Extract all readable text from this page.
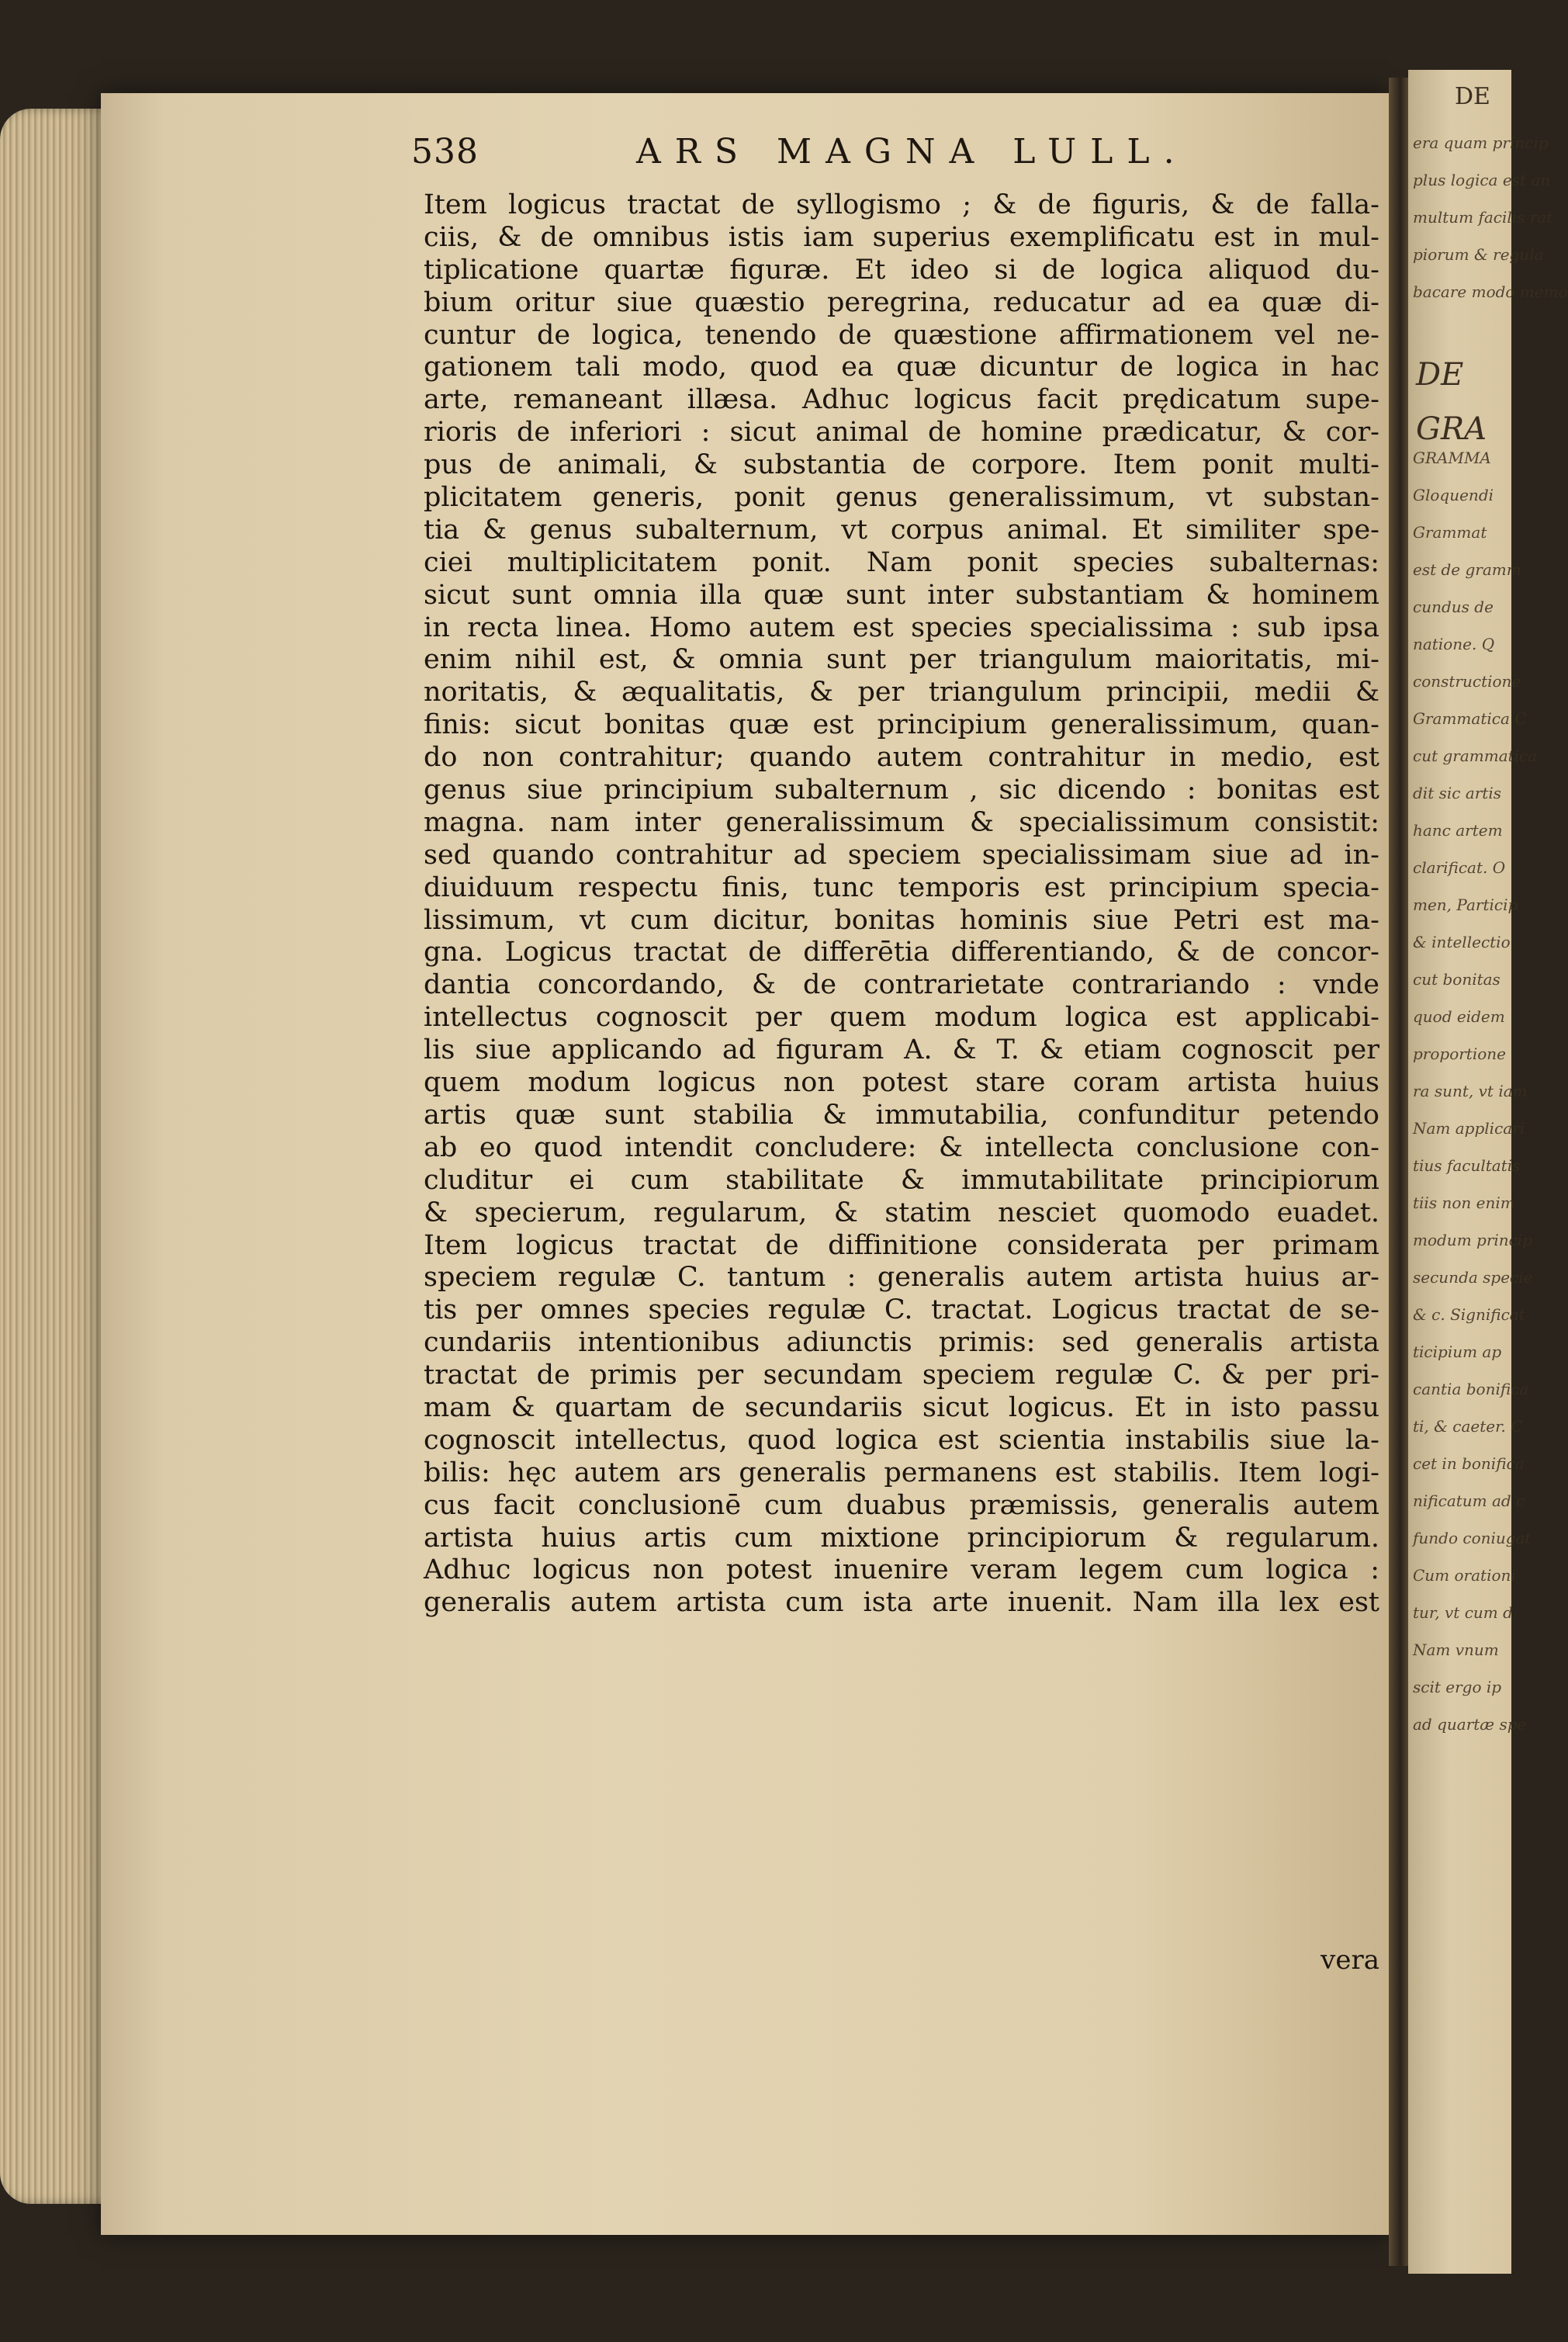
DE
era quam princip
plus logica est an
multum facilis rat
piorum & regula
bacare modo memo
DE GRA
GRAMMA
Gloquendi
Grammat
est de gramm
cundus de
natione. Q
constructione
Grammatica C
cut grammatica
dit sic artis
hanc artem
clarificat. O
men, Particip
& intellectio
cut bonitas
quod eidem
proportione
ra sunt, vt iam
Nam applicari
tius facultatis
tiis non enim
modum princip
secunda specie
& c. Significat
ticipium ap
cantia bonifica
ti, & caeter. C
cet in bonifica
nificatum ad c
fundo coniugat
Cum orationi
tur, vt cum d
Nam vnum
scit ergo ip
ad quartæ spe
538	ARS MAGNA LULL.
Item logicus tractat de syllogismo ; & de figuris, & de falla-
ciis, & de omnibus istis iam superius exemplificatu est in mul-
tiplicatione quartæ figuræ. Et ideo si de logica aliquod du-
bium oritur siue quæstio peregrina, reducatur ad ea quæ di-
cuntur de logica, tenendo de quæstione affirmationem vel ne-
gationem tali modo, quod ea quæ dicuntur de logica in hac
arte, remaneant illæsa. Adhuc logicus facit prędicatum supe-
rioris de inferiori : sicut animal de homine prædicatur, & cor-
pus de animali, & substantia de corpore. Item ponit multi-
plicitatem generis, ponit genus generalissimum, vt substan-
tia & genus subalternum, vt corpus animal. Et similiter spe-
ciei multiplicitatem ponit. Nam ponit species subalternas:
sicut sunt omnia illa quæ sunt inter substantiam & hominem
in recta linea. Homo autem est species specialissima : sub ipsa
enim nihil est, & omnia sunt per triangulum maioritatis, mi-
noritatis, & æqualitatis, & per triangulum principii, medii &
finis: sicut bonitas quæ est principium generalissimum, quan-
do non contrahitur; quando autem contrahitur in medio, est
genus siue principium subalternum , sic dicendo : bonitas est
magna. nam inter generalissimum & specialissimum consistit:
sed quando contrahitur ad speciem specialissimam siue ad in-
diuiduum respectu finis, tunc temporis est principium specia-
lissimum, vt cum dicitur, bonitas hominis siue Petri est ma-
gna. Logicus tractat de differētia differentiando, & de concor-
dantia concordando, & de contrarietate contrariando : vnde
intellectus cognoscit per quem modum logica est applicabi-
lis siue applicando ad figuram A. & T. & etiam cognoscit per
quem modum logicus non potest stare coram artista huius
artis quæ sunt stabilia & immutabilia, confunditur petendo
ab eo quod intendit concludere: & intellecta conclusione con-
cluditur ei cum stabilitate & immutabilitate principiorum
& specierum, regularum, & statim nesciet quomodo euadet.
Item logicus tractat de diffinitione considerata per primam
speciem regulæ C. tantum : generalis autem artista huius ar-
tis per omnes species regulæ C. tractat. Logicus tractat de se-
cundariis intentionibus adiunctis primis: sed generalis artista
tractat de primis per secundam speciem regulæ C. & per pri-
mam & quartam de secundariis sicut logicus. Et in isto passu
cognoscit intellectus, quod logica est scientia instabilis siue la-
bilis: hęc autem ars generalis permanens est stabilis. Item logi-
cus facit conclusionē cum duabus præmissis, generalis autem
artista huius artis cum mixtione principiorum & regularum.
Adhuc logicus non potest inuenire veram legem cum logica :
generalis autem artista cum ista arte inuenit. Nam illa lex est
vera
